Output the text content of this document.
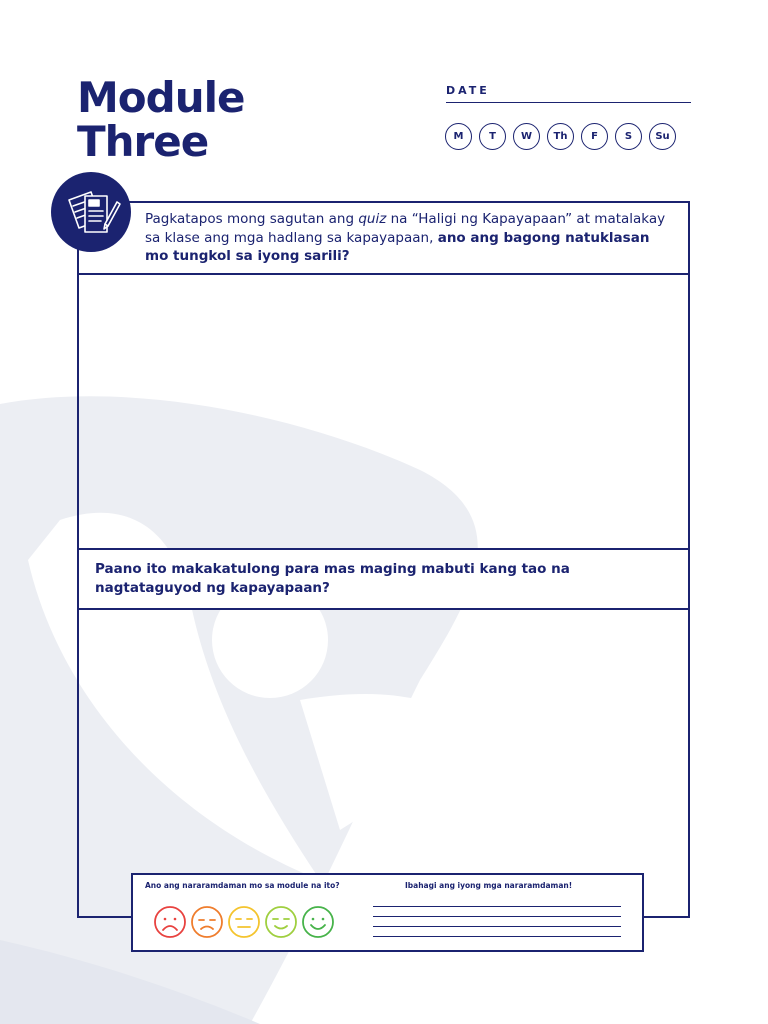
Module
Three
DATE
M	T	W	Th	F	S	Su
Pagkatapos mong sagutan ang quiz na “Haligi ng Kapayapaan” at matalakay sa klase ang mga hadlang sa kapayapaan, ano ang bagong natuklasan mo tungkol sa iyong sarili?
Paano ito makakatulong para mas maging mabuti kang tao na nagtataguyod ng kapayapaan?
Ano ang nararamdaman mo sa module na ito?	Ibahagi ang iyong mga nararamdaman!
